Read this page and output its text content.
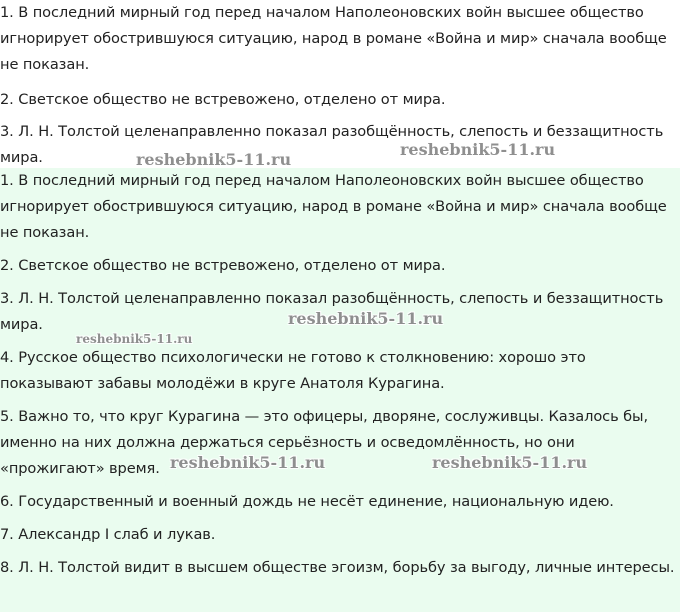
1. В последний мирный год перед началом Наполеоновских войн высшее общество игнорирует обострившуюся ситуацию, народ в романе «Война и мир» сначала вообще не показан.

2. Светское общество не встревожено, отделено от мира.

3. Л. Н. Толстой целенаправленно показал разобщённость, слепость и беззащитность мира.

1. В последний мирный год перед началом Наполеоновских войн высшее общество игнорирует обострившуюся ситуацию, народ в романе «Война и мир» сначала вообще не показан.

2. Светское общество не встревожено, отделено от мира.

3. Л. Н. Толстой целенаправленно показал разобщённость, слепость и беззащитность мира.

4. Русское общество психологически не готово к столкновению: хорошо это показывают забавы молодёжи в круге Анатоля Курагина.

5. Важно то, что круг Курагина — это офицеры, дворяне, сослуживцы. Казалось бы, именно на них должна держаться серьёзность и осведомлённость, но они «прожигают» время.

6. Государственный и военный дождь не несёт единение, национальную идею.

7. Александр I слаб и лукав.

8. Л. Н. Толстой видит в высшем обществе эгоизм, борьбу за выгоду, личные интересы.

reshebnik5-11.ru
reshebnik5-11.ru
reshebnik5-11.ru
reshebnik5-11.ru
reshebnik5-11.ru	reshebnik5-11.ru
